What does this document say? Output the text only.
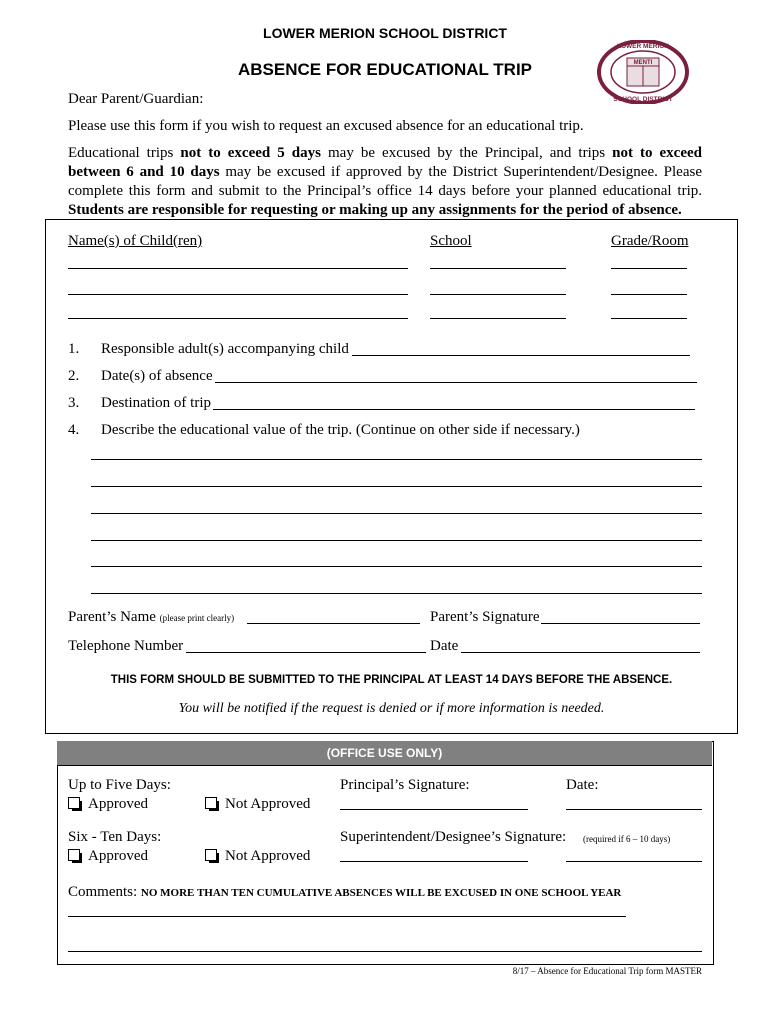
LOWER MERION SCHOOL DISTRICT
ABSENCE FOR EDUCATIONAL TRIP	MENTI
LOWER MERION
SCHOOL DISTRICT
Dear Parent/Guardian:
Please use this form if you wish to request an excused absence for an educational trip.
Educational trips not to exceed 5 days may be excused by the Principal, and trips not to exceed between 6 and 10 days may be excused if approved by the District Superintendent/Designee. Please complete this form and submit to the Principal’s office 14 days before your planned educational trip. Students are responsible for requesting or making up any assignments for the period of absence.
Name(s) of Child(ren)	School	Grade/Room
1. Responsible adult(s) accompanying child
2. Date(s) of absence
3. Destination of trip
4. Describe the educational value of the trip. (Continue on other side if necessary.)
Parent’s Name (please print clearly)	Parent’s Signature
Telephone Number	Date
THIS FORM SHOULD BE SUBMITTED TO THE PRINCIPAL AT LEAST 14 DAYS BEFORE THE ABSENCE.
You will be notified if the request is denied or if more information is needed.
(OFFICE USE ONLY)
Up to Five Days:
Approved	Not Approved
Principal’s Signature:	Date:
Six - Ten Days:
Approved	Not Approved
Superintendent/Designee’s Signature: (required if 6 – 10 days)
Comments: NO MORE THAN TEN CUMULATIVE ABSENCES WILL BE EXCUSED IN ONE SCHOOL YEAR
8/17 – Absence for Educational Trip form MASTER
